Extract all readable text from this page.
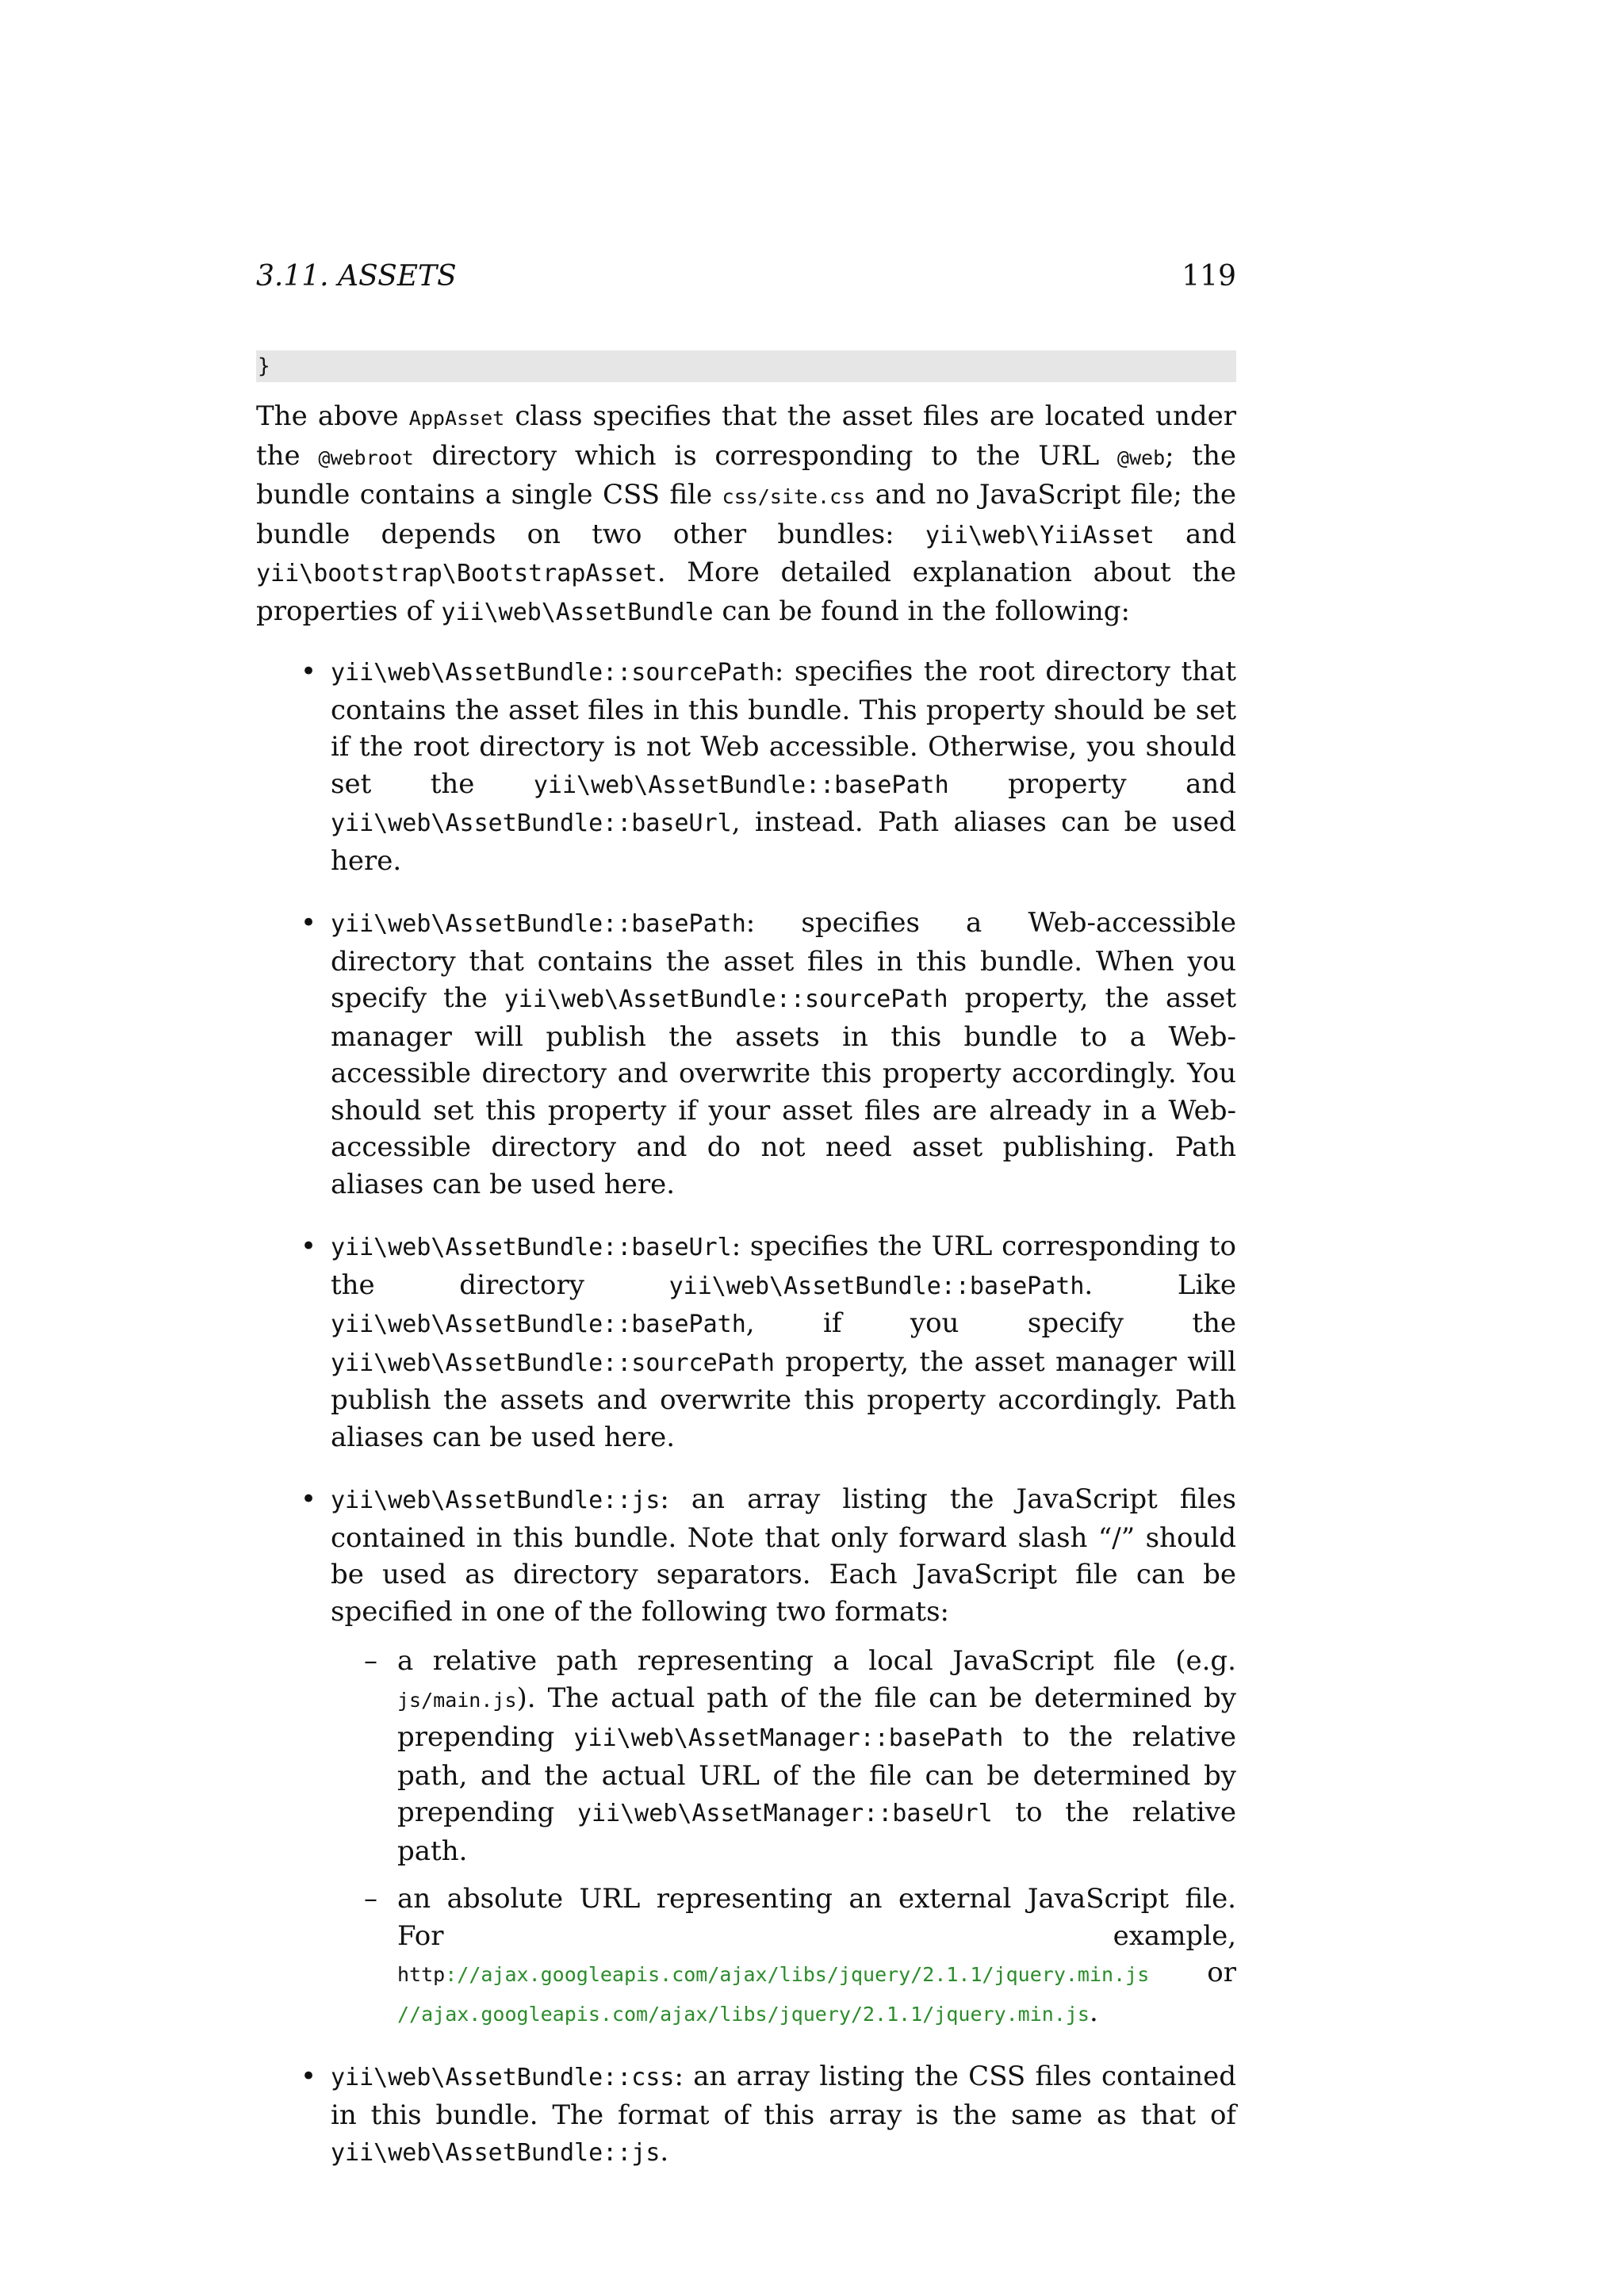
3.11. ASSETS	119
}

The above AppAsset class specifies that the asset files are located under the @webroot directory which is corresponding to the URL @web; the bundle contains a single CSS file css/site.css and no JavaScript file; the bundle depends on two other bundles: yii\web\YiiAsset and yii\bootstrap\BootstrapAsset. More detailed explanation about the properties of yii\web\AssetBundle can be found in the following:

• yii\web\AssetBundle::sourcePath: specifies the root directory that contains the asset files in this bundle. This property should be set if the root directory is not Web accessible. Otherwise, you should set the yii\web\AssetBundle::basePath property and yii\web\AssetBundle::baseUrl, instead. Path aliases can be used here.
• yii\web\AssetBundle::basePath: specifies a Web-accessible directory that contains the asset files in this bundle. When you specify the yii\web\AssetBundle::sourcePath property, the asset manager will publish the assets in this bundle to a Web-accessible directory and overwrite this property accordingly. You should set this property if your asset files are already in a Web-accessible directory and do not need asset publishing. Path aliases can be used here.
• yii\web\AssetBundle::baseUrl: specifies the URL corresponding to the directory yii\web\AssetBundle::basePath. Like yii\web\AssetBundle::basePath, if you specify the yii\web\AssetBundle::sourcePath property, the asset manager will publish the assets and overwrite this property accordingly. Path aliases can be used here.
• yii\web\AssetBundle::js: an array listing the JavaScript files contained in this bundle. Note that only forward slash “/” should be used as directory separators. Each JavaScript file can be specified in one of the following two formats:
– a relative path representing a local JavaScript file (e.g. js/main.js). The actual path of the file can be determined by prepending yii\web\AssetManager::basePath to the relative path, and the actual URL of the file can be determined by prepending yii\web\AssetManager::baseUrl to the relative path.
– an absolute URL representing an external JavaScript file. For example, http://ajax.googleapis.com/ajax/libs/jquery/2.1.1/jquery.min.js or //ajax.googleapis.com/ajax/libs/jquery/2.1.1/jquery.min.js.
• yii\web\AssetBundle::css: an array listing the CSS files contained in this bundle. The format of this array is the same as that of yii\web\AssetBundle::js.
